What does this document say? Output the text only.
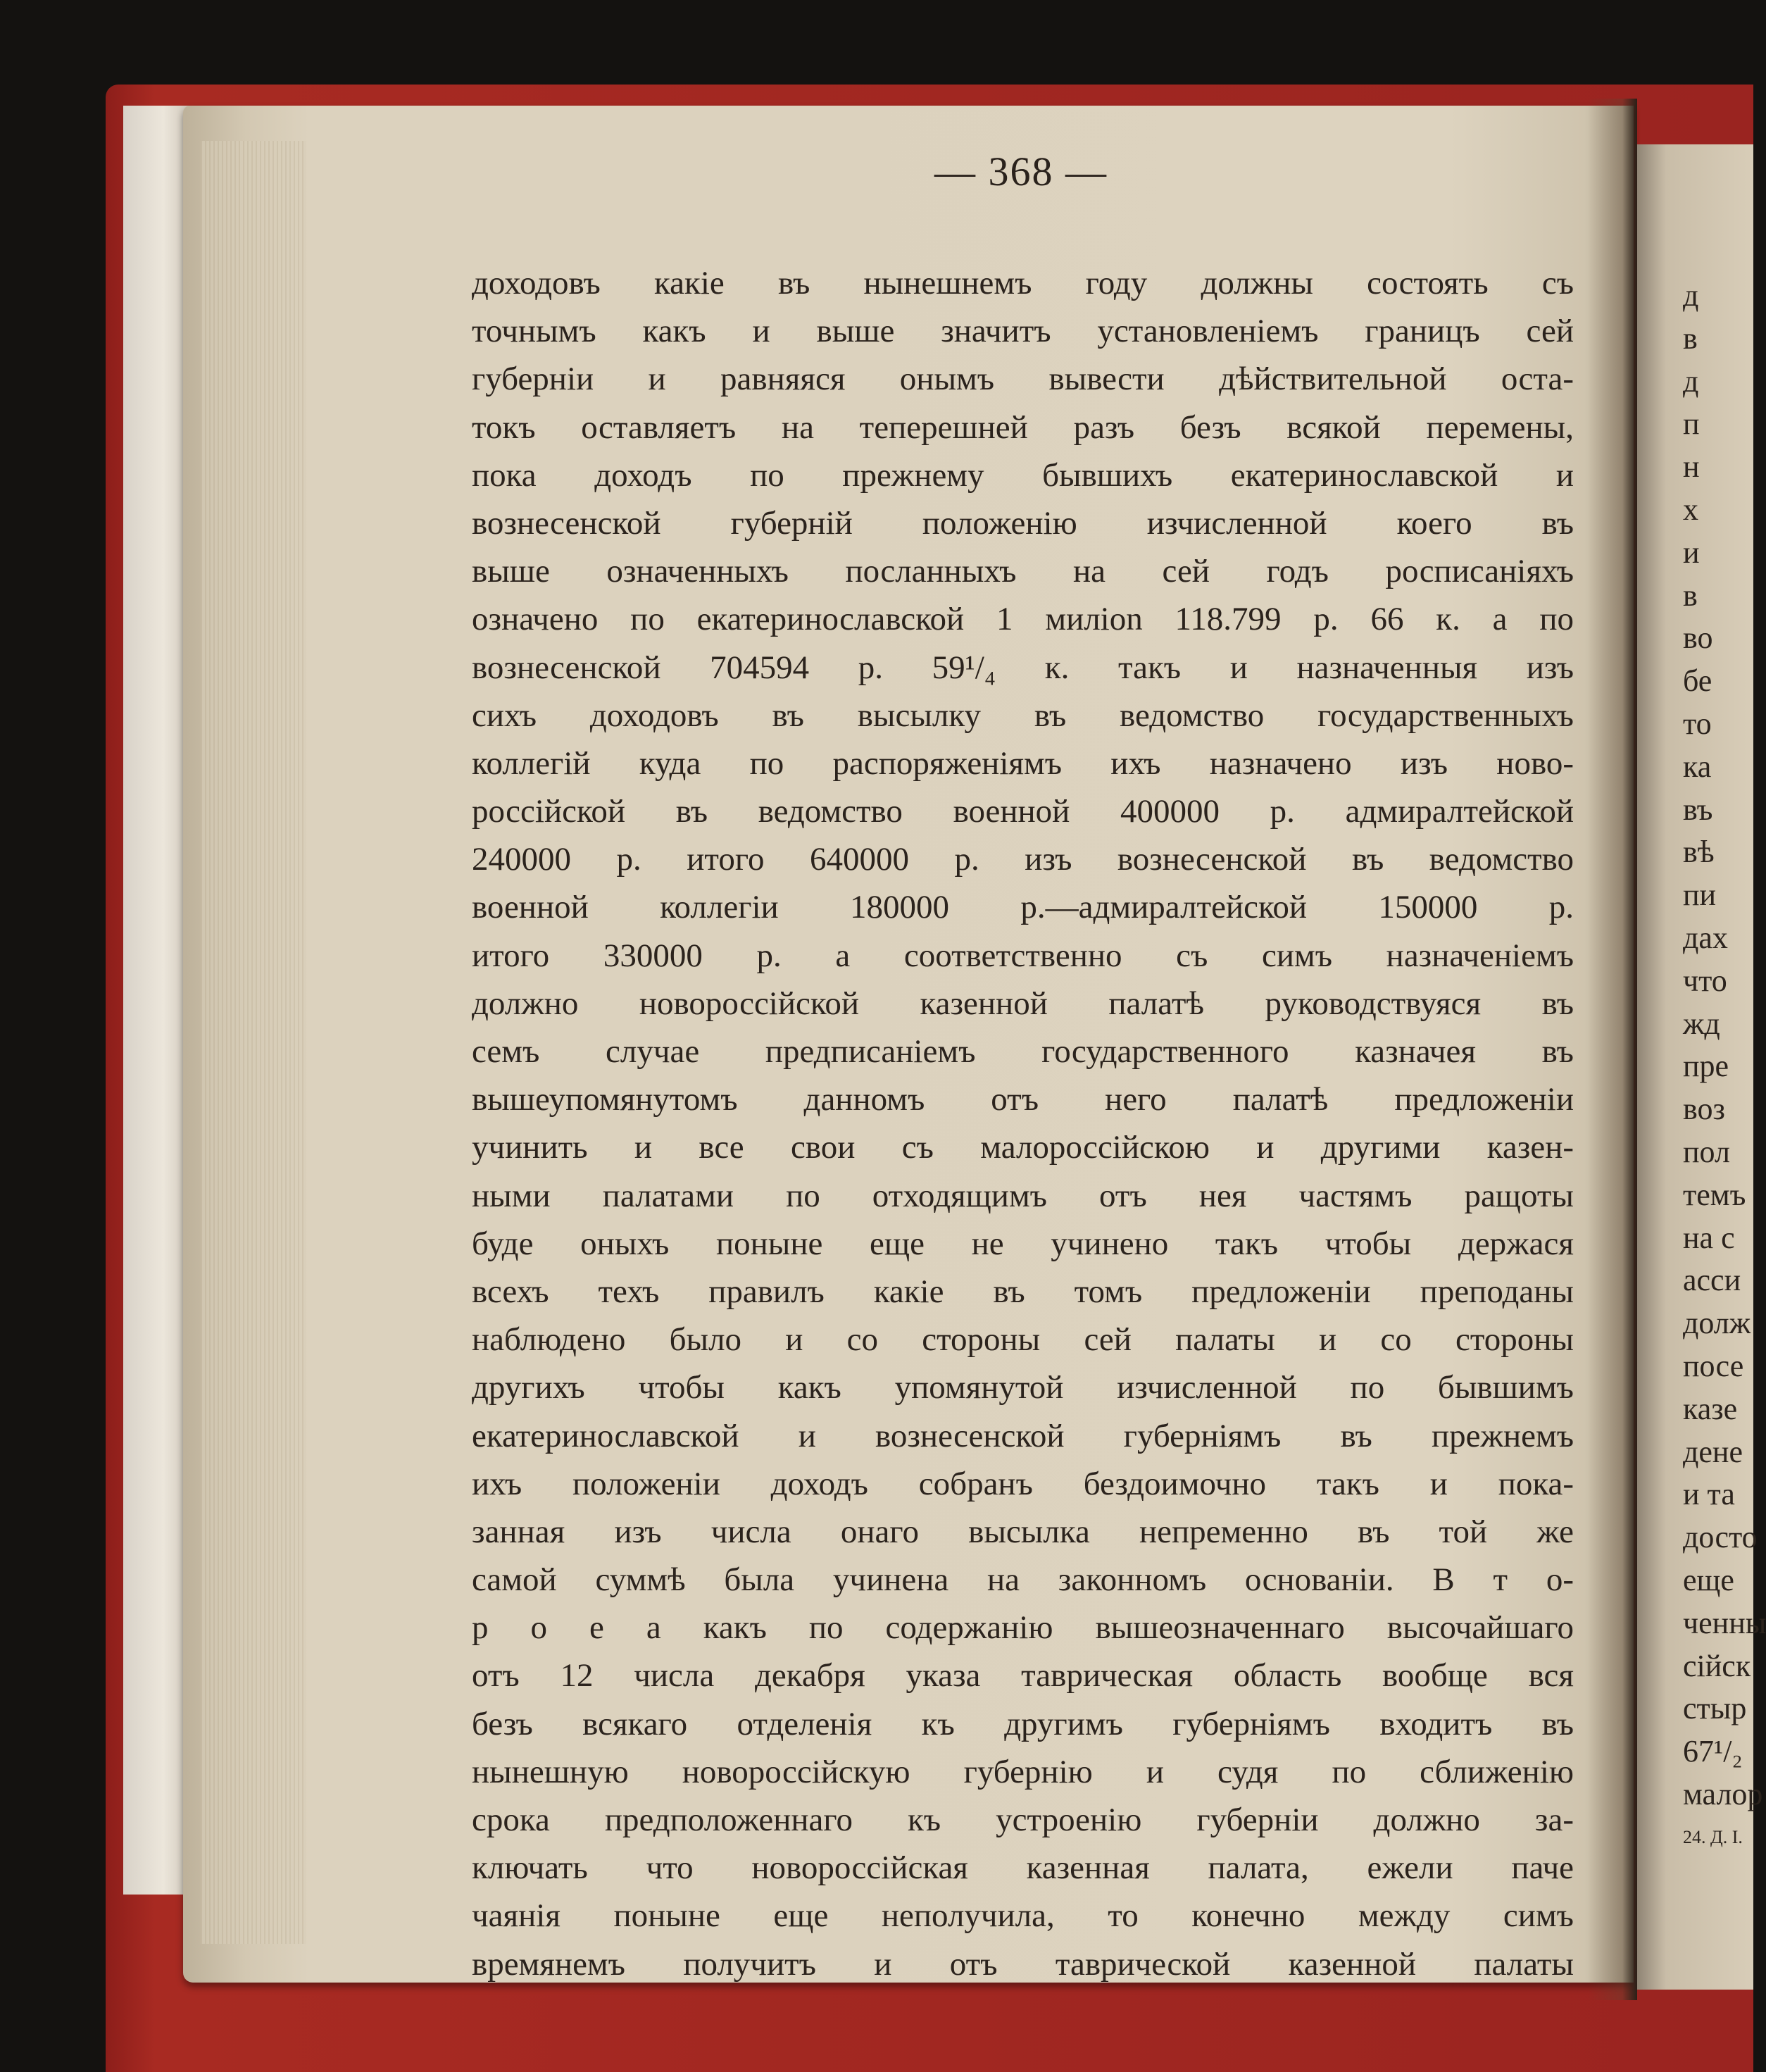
— 368 —
доходовъ какіе въ нынешнемъ году должны состоять съ
точнымъ какъ и выше значитъ установленіемъ границъ сей
губерніи и равняяся онымъ вывести дѣйствительной оста-
токъ оставляетъ на теперешней разъ безъ всякой перемены,
пока доходъ по прежнему бывшихъ екатеринославской и
вознесенской губерній положенію изчисленной коего въ
выше означенныхъ посланныхъ на сей годъ росписаніяхъ
означено по екатеринославской 1 милion 118.799 р. 66 к. а по
вознесенской 704594 р. 59¹/₄ к. такъ и назначенныя изъ
сихъ доходовъ въ высылку въ ведомство государственныхъ
коллегій куда по распоряженіямъ ихъ назначено изъ ново-
россійской въ ведомство военной 400000 р. адмиралтейской
240000 р. итого 640000 р. изъ вознесенской въ ведомство
военной коллегіи 180000 р.—адмиралтейской 150000 р.
итого 330000 р. а соответственно съ симъ назначеніемъ
должно новороссійской казенной палатѣ руководствуяся въ
семъ случае предписаніемъ государственного казначея въ
вышеупомянутомъ данномъ отъ него палатѣ предложеніи
учинить и все свои съ малороссійскою и другими казен-
ными палатами по отходящимъ отъ нея частямъ ращоты
буде оныхъ поныне еще не учинено такъ чтобы держася
всехъ техъ правилъ какіе въ томъ предложеніи преподаны
наблюдено было и со стороны сей палаты и со стороны
другихъ чтобы какъ упомянутой изчисленной по бывшимъ
екатеринославской и вознесенской губерніямъ въ прежнемъ
ихъ положеніи доходъ собранъ бездоимочно такъ и пока-
занная изъ числа онаго высылка непременно въ той же
самой суммѣ была учинена на законномъ основаніи. В т о-
р о е а какъ по содержанію вышеозначеннаго высочайшаго
отъ 12 числа декабря указа таврическая область вообще вся
безъ всякаго отделенія къ другимъ губерніямъ входитъ въ
нынешную новороссійскую губернію и судя по сближенію
срока предположеннаго къ устроенію губерніи должно за-
ключать что новороссійская казенная палата, ежели паче
чаянія поныне еще неполучила, то конечно между симъ
времянемъ получитъ и отъ таврической казенной палаты
д
в
д
п
н
х
и
в
во
бе
то
ка
въ
вѣ
пи
дах
что
жд
пре
воз
пол
темъ
на с
асси
долж
посе
казе
дене
и та
досто
еще
ченны
сійск
стыр
67¹/₂
малор
24. Д. І.
